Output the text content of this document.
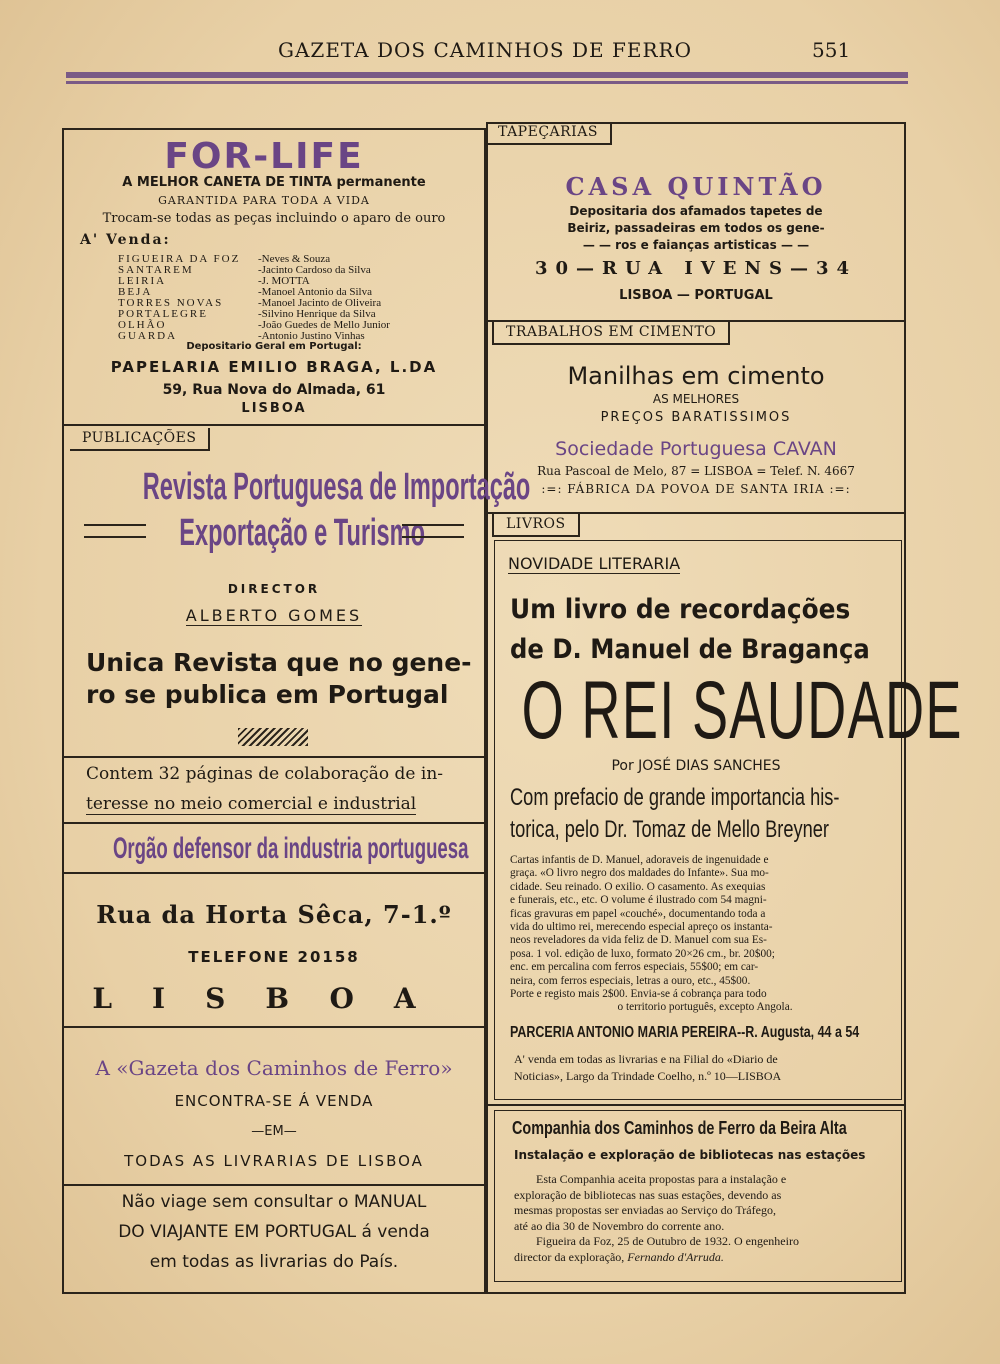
GAZETA DOS CAMINHOS DE FERRO	551
FOR-LIFE
A MELHOR CANETA DE TINTA permanente
GARANTIDA PARA TODA A VIDA
Trocam-se todas as peças incluindo o aparo de ouro
A' Venda:
FIGUEIRA DA FOZ	-Neves & Souza
SANTAREM	-Jacinto Cardoso da Silva
LEIRIA	-J. MOTTA
BEJA	-Manoel Antonio da Silva
TORRES NOVAS	-Manoel Jacinto de Oliveira
PORTALEGRE	-Silvino Henrique da Silva
OLHÃO	-João Guedes de Mello Junior
GUARDA	-Antonio Justino Vinhas
Depositario Geral em Portugal:
PAPELARIA EMILIO BRAGA, L.DA
59, Rua Nova do Almada, 61
LISBOA
PUBLICAÇÕES
Revista Portuguesa de Importação
Exportação e Turismo
DIRECTOR
ALBERTO GOMES
Unica Revista que no gene-
ro se publica em Portugal
Contem 32 páginas de colaboração de in-
teresse no meio comercial e industrial
Orgão defensor da industria portuguesa
Rua da Horta Sêca, 7-1.º
TELEFONE 20158
LISBOA
A «Gazeta dos Caminhos de Ferro»
ENCONTRA-SE Á VENDA
—EM—
TODAS AS LIVRARIAS DE LISBOA
Não viage sem consultar o MANUAL
DO VIAJANTE EM PORTUGAL á venda
em todas as livrarias do País.
TAPEÇARIAS
CASA QUINTÃO
Depositaria dos afamados tapetes de
Beiriz, passadeiras em todos os gene-
— — ros e faianças artisticas — —
30—RUA IVENS—34
LISBOA — PORTUGAL
TRABALHOS EM CIMENTO
Manilhas em cimento
AS MELHORES
PREÇOS BARATISSIMOS
Sociedade Portuguesa CAVAN
Rua Pascoal de Melo, 87 = LISBOA = Telef. N. 4667
:=: FÁBRICA DA POVOA DE SANTA IRIA :=:
LIVROS
NOVIDADE LITERARIA
Um livro de recordações
de D. Manuel de Bragança
O REI SAUDADE
Por JOSÉ DIAS SANCHES
Com prefacio de grande importancia his-
torica, pelo Dr. Tomaz de Mello Breyner
Cartas infantis de D. Manuel, adoraveis de ingenuidade e
graça. «O livro negro dos maldades do Infante». Sua mo-
cidade. Seu reinado. O exilio. O casamento. As exequias
e funerais, etc., etc. O volume é ilustrado com 54 magni-
ficas gravuras em papel «couché», documentando toda a
vida do ultimo rei, merecendo especial apreço os instanta-
neos reveladores da vida feliz de D. Manuel com sua Es-
posa. 1 vol. edição de luxo, formato 20×26 cm., br. 20$00;
enc. em percalina com ferros especiais, 55$00; em car-
neira, com ferros especiais, letras a ouro, etc., 45$00.
Porte e registo mais 2$00. Envia-se á cobrança para todo
o territorio português, excepto Angola.
PARCERIA ANTONIO MARIA PEREIRA--R. Augusta, 44 a 54
A' venda em todas as livrarias e na Filial do «Diario de
Noticias», Largo da Trindade Coelho, n.º 10—LISBOA
Companhia dos Caminhos de Ferro da Beira Alta
Instalação e exploração de bibliotecas nas estações
Esta Companhia aceita propostas para a instalação e
exploração de bibliotecas nas suas estações, devendo as
mesmas propostas ser enviadas ao Serviço do Tráfego,
até ao dia 30 de Novembro do corrente ano.
Figueira da Foz, 25 de Outubro de 1932. O engenheiro
director da exploração, Fernando d'Arruda.
